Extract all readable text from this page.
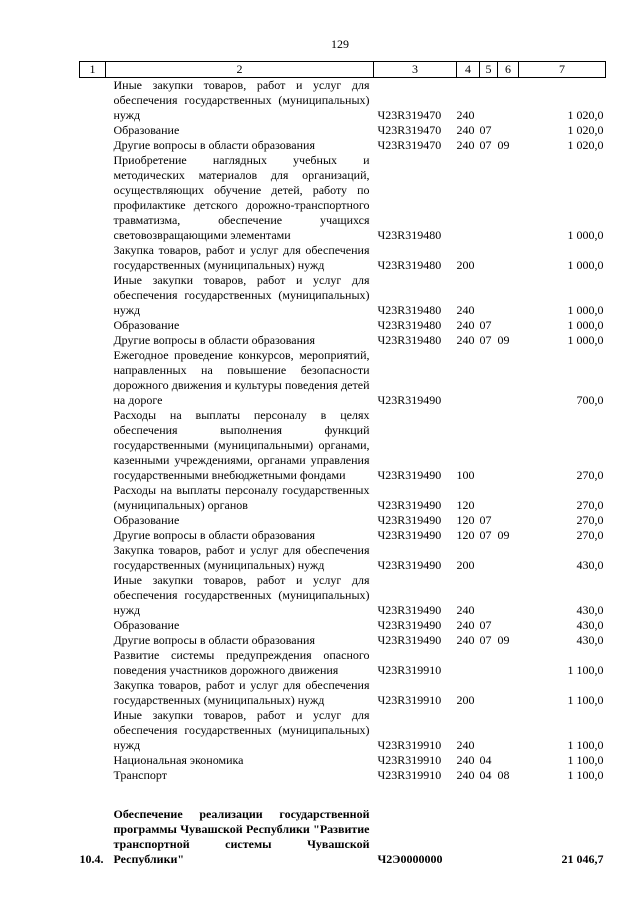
129
1	2	3	4	5	6	7
	Иные закупки товаров, работ и услуг для обеспечения государственных (муниципальных) нужд	Ч23R319470	240			1 020,0
	Образование	Ч23R319470	240	07		1 020,0
	Другие вопросы в области образования	Ч23R319470	240	07	09	1 020,0
	Приобретение наглядных учебных и методических материалов для организаций, осуществляющих обучение детей, работу по профилактике детского дорожно-транспортного травматизма, обеспечение учащихся световозвращающими элементами	Ч23R319480				1 000,0
	Закупка товаров, работ и услуг для обеспечения государственных (муниципальных) нужд	Ч23R319480	200			1 000,0
	Иные закупки товаров, работ и услуг для обеспечения государственных (муниципальных) нужд	Ч23R319480	240			1 000,0
	Образование	Ч23R319480	240	07		1 000,0
	Другие вопросы в области образования	Ч23R319480	240	07	09	1 000,0
	Ежегодное проведение конкурсов, мероприятий, направленных на повышение безопасности дорожного движения и культуры поведения детей на дороге	Ч23R319490				700,0
	Расходы на выплаты персоналу в целях обеспечения выполнения функций государственными (муниципальными) органами, казенными учреждениями, органами управления государственными внебюджетными фондами	Ч23R319490	100			270,0
	Расходы на выплаты персоналу государственных (муниципальных) органов	Ч23R319490	120			270,0
	Образование	Ч23R319490	120	07		270,0
	Другие вопросы в области образования	Ч23R319490	120	07	09	270,0
	Закупка товаров, работ и услуг для обеспечения государственных (муниципальных) нужд	Ч23R319490	200			430,0
	Иные закупки товаров, работ и услуг для обеспечения государственных (муниципальных) нужд	Ч23R319490	240			430,0
	Образование	Ч23R319490	240	07		430,0
	Другие вопросы в области образования	Ч23R319490	240	07	09	430,0
	Развитие системы предупреждения опасного поведения участников дорожного движения	Ч23R319910				1 100,0
	Закупка товаров, работ и услуг для обеспечения государственных (муниципальных) нужд	Ч23R319910	200			1 100,0
	Иные закупки товаров, работ и услуг для обеспечения государственных (муниципальных) нужд	Ч23R319910	240			1 100,0
	Национальная экономика	Ч23R319910	240	04		1 100,0
	Транспорт	Ч23R319910	240	04	08	1 100,0

10.4.	Обеспечение реализации государственной программы Чувашской Республики "Развитие транспортной системы Чувашской Республики"	Ч2Э0000000				21 046,7
